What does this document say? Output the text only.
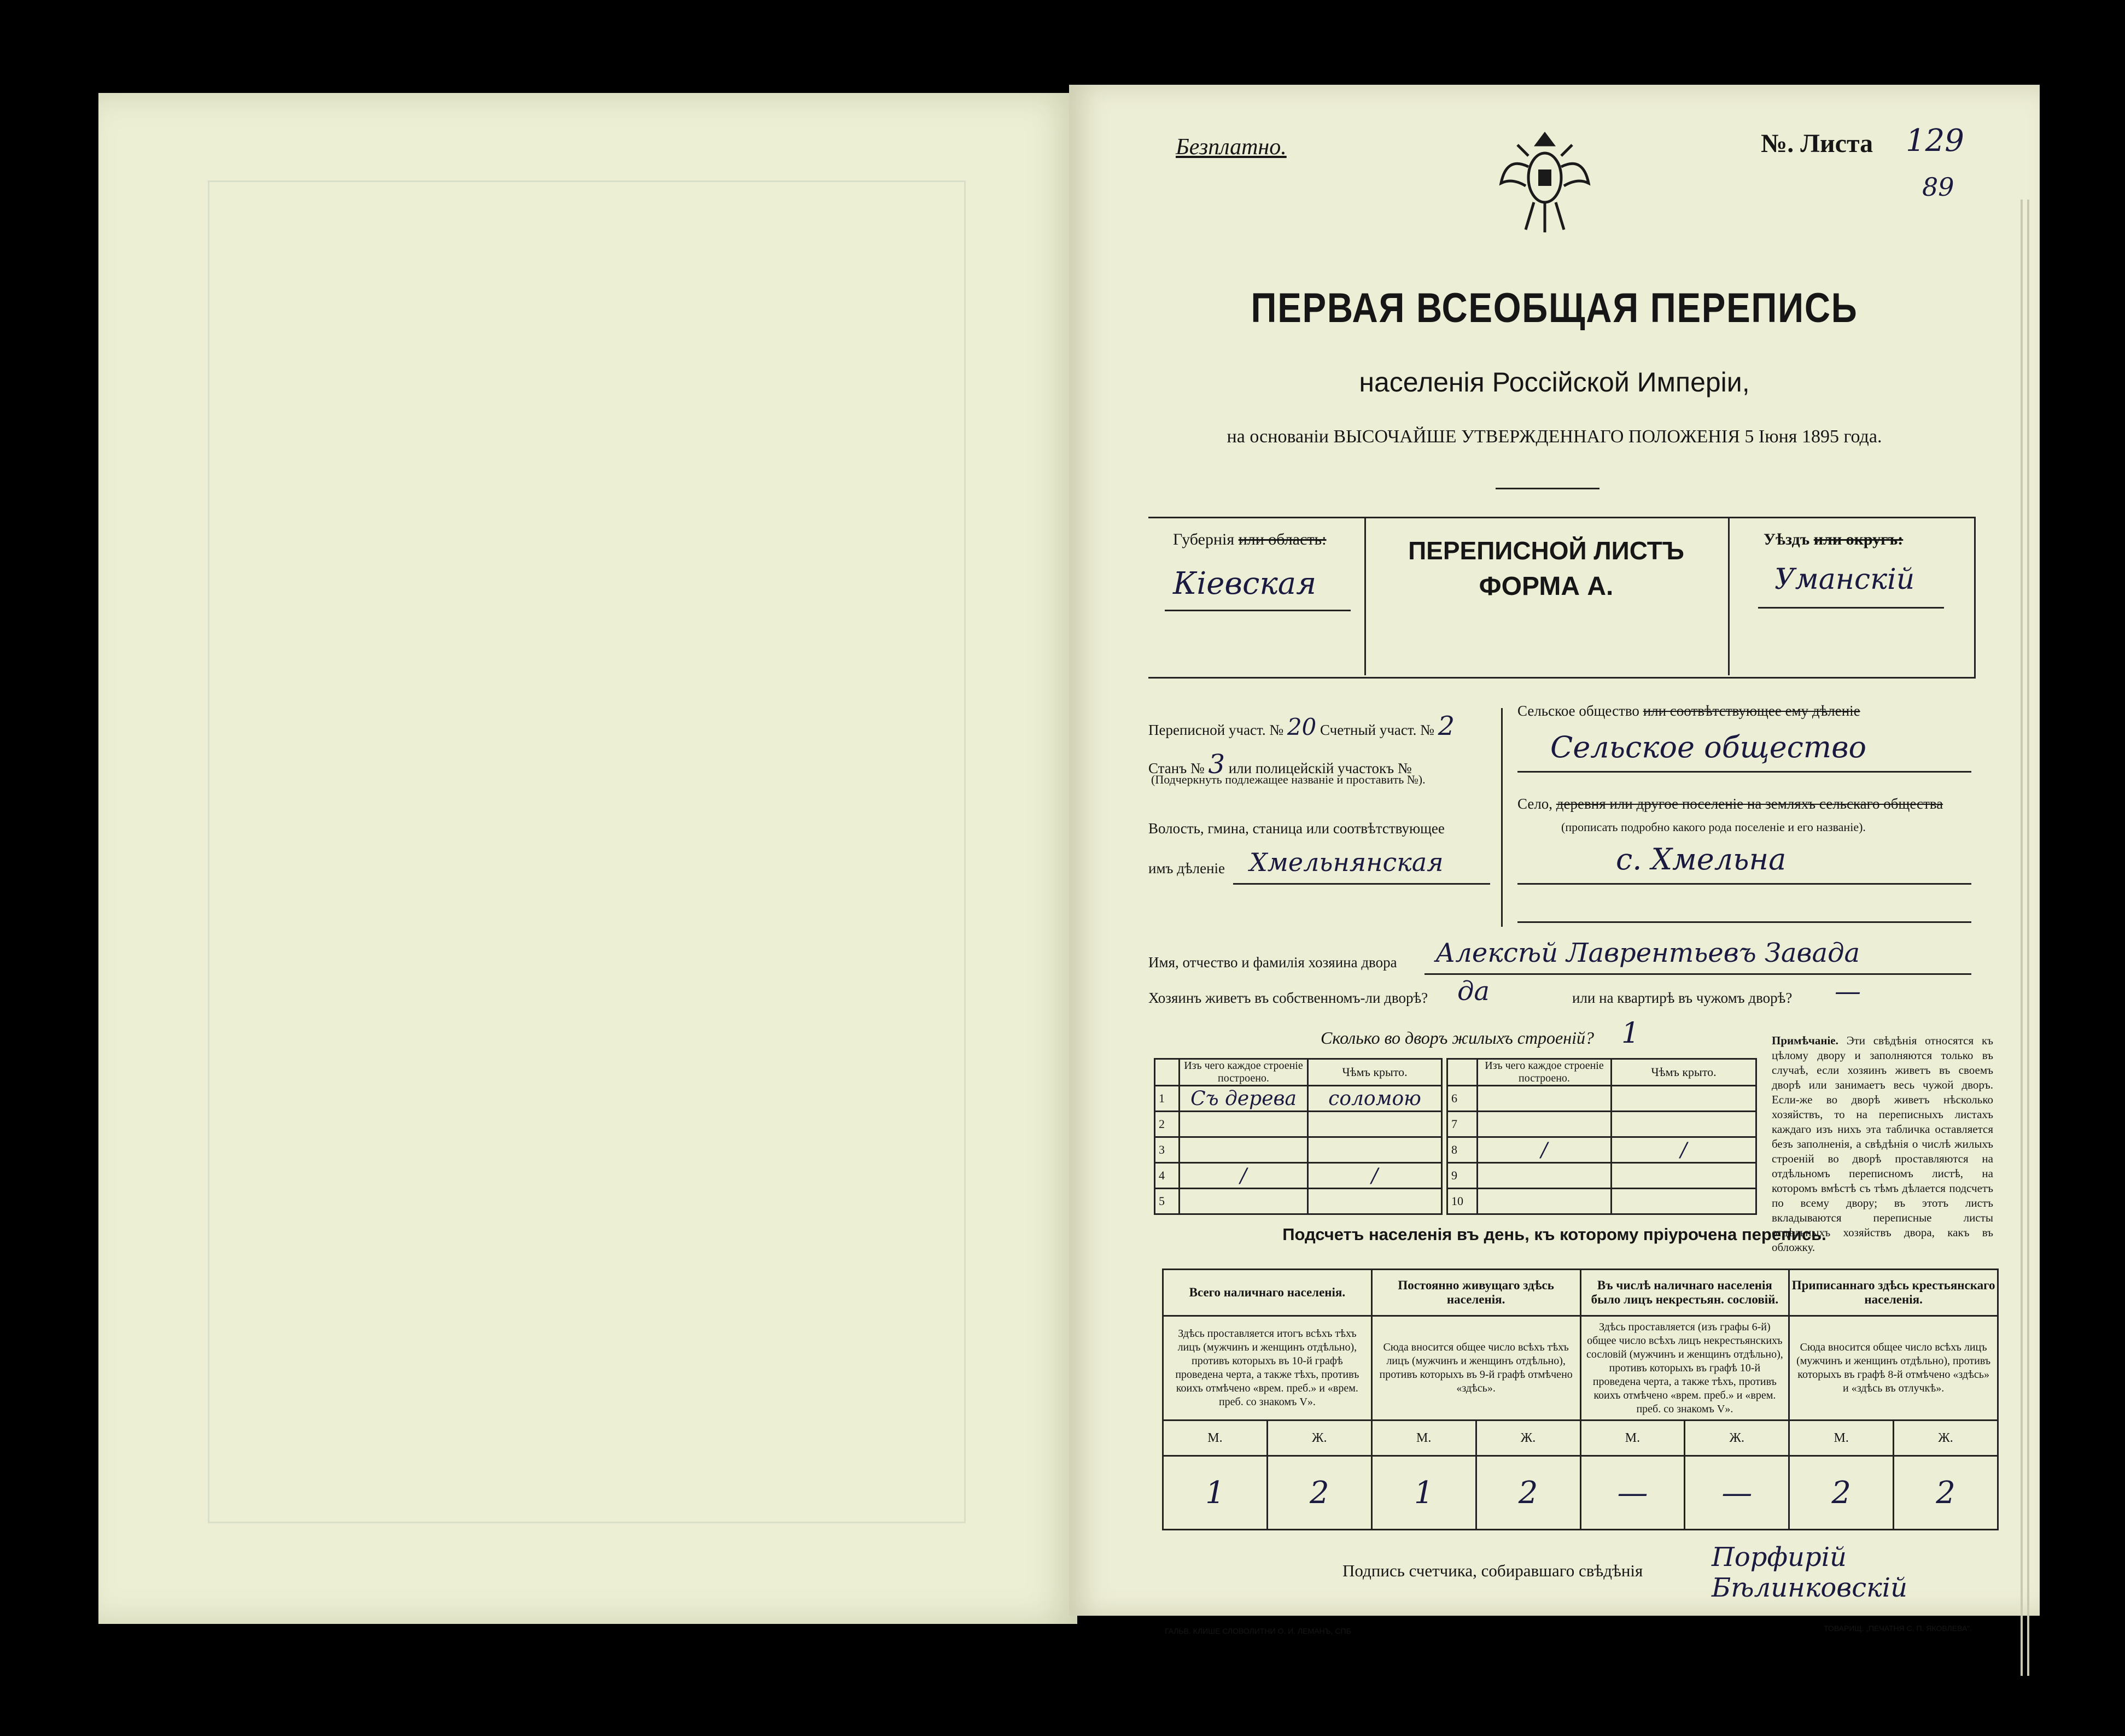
Безплатно.	№. Листа 129
89
ПЕРВАЯ ВСЕОБЩАЯ ПЕРЕПИСЬ
населенія Россійской Имперіи,
на основаніи ВЫСОЧАЙШЕ УТВЕРЖДЕННАГО ПОЛОЖЕНІЯ 5 Іюня 1895 года.
Губернія или область:
Кіевская
ПЕРЕПИСНОЙ ЛИСТЪ
ФОРМА А.
Уѣздъ или округъ:
Уманскій
Переписной участ. № 20 Счетный участ. № 2
Станъ № 3 или полицейскій участокъ №
(Подчеркнуть подлежащее названіе и проставить №).
Волость, гмина, станица или соотвѣтствующее
имъ дѣленіе Хмельнянская
Сельское общество или соотвѣтствующее ему дѣленіе
Сельское общество
Село, деревня или другое поселеніе на земляхъ сельскаго общества
(прописать подробно какого рода поселеніе и его названіе).
с. Хмельна
Имя, отчество и фамилія хозяина двора Алексѣй Лаврентьевъ Завада
Хозяинъ живетъ въ собственномъ-ли дворѣ? да	или на квартирѣ въ чужомъ дворѣ? —
Сколько во дворъ жилыхъ строеній? 1
	Изъ чего каждое строеніе построено.	Чѣмъ крыто.
1	Съ дерева	соломою
2		
3		
4	/	/
5		
	Изъ чего каждое строеніе построено.	Чѣмъ крыто.
6		
7		
8	/	/
9		
10		
Примѣчаніе. Эти свѣдѣнія относятся къ цѣлому двору и заполняются только въ случаѣ, если хозяинъ живетъ въ своемъ дворѣ или занимаетъ весь чужой дворъ. Если-же во дворѣ живетъ нѣсколько хозяйствъ, то на переписныхъ листахъ каждаго изъ нихъ эта табличка оставляется безъ заполненія, а свѣдѣнія о числѣ жилыхъ строеній во дворѣ проставляются на отдѣльномъ переписномъ листѣ, на которомъ вмѣстѣ съ тѣмъ дѣлается подсчетъ по всему двору; въ этотъ листъ вкладываются переписные листы отдѣльныхъ хозяйствъ двора, какъ въ обложку.
Подсчетъ населенія въ день, къ которому пріурочена перепись.
Всего наличнаго населенія.		Постоянно живущаго здѣсь населенія.		Въ числѣ наличнаго населенія было лицъ некрестьян. сословій.		Приписаннаго здѣсь крестьянскаго населенія.	
Здѣсь проставляется итогъ всѣхъ тѣхъ лицъ (мужчинъ и женщинъ отдѣльно), противъ которыхъ въ 10-й графѣ проведена черта, а также тѣхъ, противъ коихъ отмѣчено «врем. преб.» и «врем. преб. со знакомъ V».		Сюда вносится общее число всѣхъ тѣхъ лицъ (мужчинъ и женщинъ отдѣльно), противъ которыхъ въ 9-й графѣ отмѣчено «здѣсь».		Здѣсь проставляется (изъ графы 6-й) общее число всѣхъ лицъ некрестьянскихъ сословій (мужчинъ и женщинъ отдѣльно), противъ которыхъ въ графѣ 10-й проведена черта, а также тѣхъ, противъ коихъ отмѣчено «врем. преб.» и «врем. преб. со знакомъ V».		Сюда вносится общее число всѣхъ лицъ (мужчинъ и женщинъ отдѣльно), противъ которыхъ въ графѣ 8-й отмѣчено «здѣсь» и «здѣсь въ отлучкѣ».	
М.	Ж.	М.	Ж.	М.	Ж.	М.	Ж.
1	2	1	2	—	—	2	2
Подпись счетчика, собиравшаго свѣдѣнія	Порфирій Бѣлинковскій
ГАЛЬВ. КЛИШЕ СЛОВОЛИТНИ О. И. ЛЕМАНЪ, СПБ	ТОВАРИЩ. „ПЕЧАТНЯ С. П. ЯКОВЛЕВА“.
